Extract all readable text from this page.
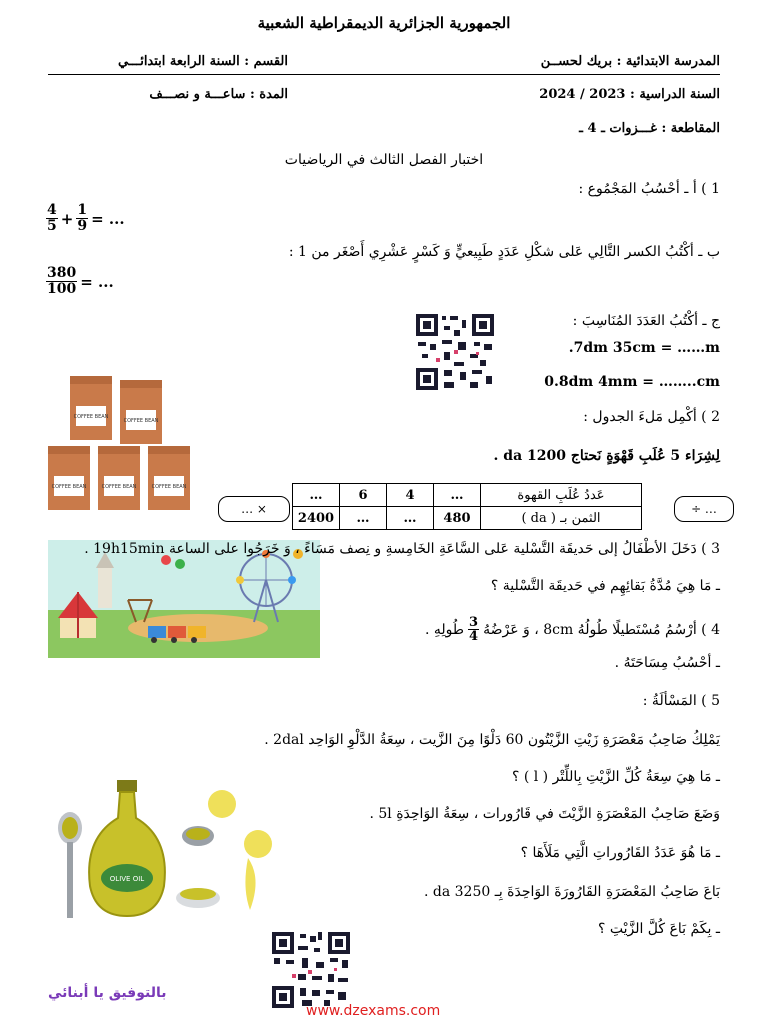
الجمهورية الجزائرية الديمقراطية الشعبية
المدرسة الابتدائية : بريك لحســن
القسم : السنة الرابعة ابتدائـــي
السنة الدراسية : 2023 / 2024
المدة : ساعـــة و نصـــف
المقاطعة : غـــزوات ـ 4 ـ
اختبار الفصل الثالث في الرياضيات
1 ) أ ـ أحْسُبُ المَجْمُوع :
$\frac{4}{5} + \frac{1}{9}$ = ...
ب ـ أكْتُبُ الكسر التَّالِي عَلى شكْلِ عَدَدٍ طَبِيعيٍّ وَ كَسْرٍ عَشْرِي أَصْغَر من 1 :
$\frac{380}{100}$ = ...
ج ـ أكْتُبُ العَدَدَ المُنَاسِبَ :
.7dm 35cm = ……m
0.8dm 4mm = ……..cm
COFFEE BEAN
COFFEE BEAN
COFFEE BEAN	COFFEE BEAN	COFFEE BEAN
2 ) أكْمِل مَلءَ الجدول :
لِشِرَاء 5 عُلَبِ قَهْوَةٍ نَحتاج 1200 da .
… ×
…	6	4	…	عَددُ عُلَبِ القهوة
2400	…	…	480	الثمن بـ ( da )
÷ …
3 ) دَخَلَ الأطْفَالُ إلى حَديقَة التَّسْلية عَلى السَّاعَةِ الخَامِسةِ و نِصف مَسَاءً ، وَ خَرَجُوا على الساعة 19h15min .
ـ مَا هِيَ مُدَّةُ بَقائِهِم في حَديقَة التَّسْلية ؟
4 ) أرْسُمُ مُسْتَطيلًا طُولُهُ 8cm ، وَ عَرْضُهُ
$\frac{3}{4}$
طُولِهِ .
ـ أحْسُبُ مِسَاحَتَهُ .
5 ) المَسْألَةُ :
يَمْلِكُ صَاحِبُ مَعْصَرَةِ زَيْتِ الزَّيْتُون 60 دَلْوًا مِنَ الزَّيت ، سِعَةُ الدَّلْوِ الوَاحِد 2dal .
ـ مَا هِيَ سِعَةُ كُلِّ الزَّيْتِ بِاللِّتْر ( l ) ؟
وَضَعَ صَاحِبُ المَعْصَرَةِ الزَّيْتَ في قَارُورات ، سِعَةُ الوَاحِدَةِ 5l .
ـ مَا هُوَ عَدَدُ القَارُوراتِ الَّتِي مَلَأَهَا ؟
بَاعَ صَاحِبُ المَعْصَرَةِ القَارُورَةَ الوَاحِدَةَ بِـ 3250 da .
ـ بِكَمْ بَاعَ كُلَّ الزَّيْتِ ؟
OLIVE OIL
بالتوفيق يا أبنائي
www.dzexams.com
